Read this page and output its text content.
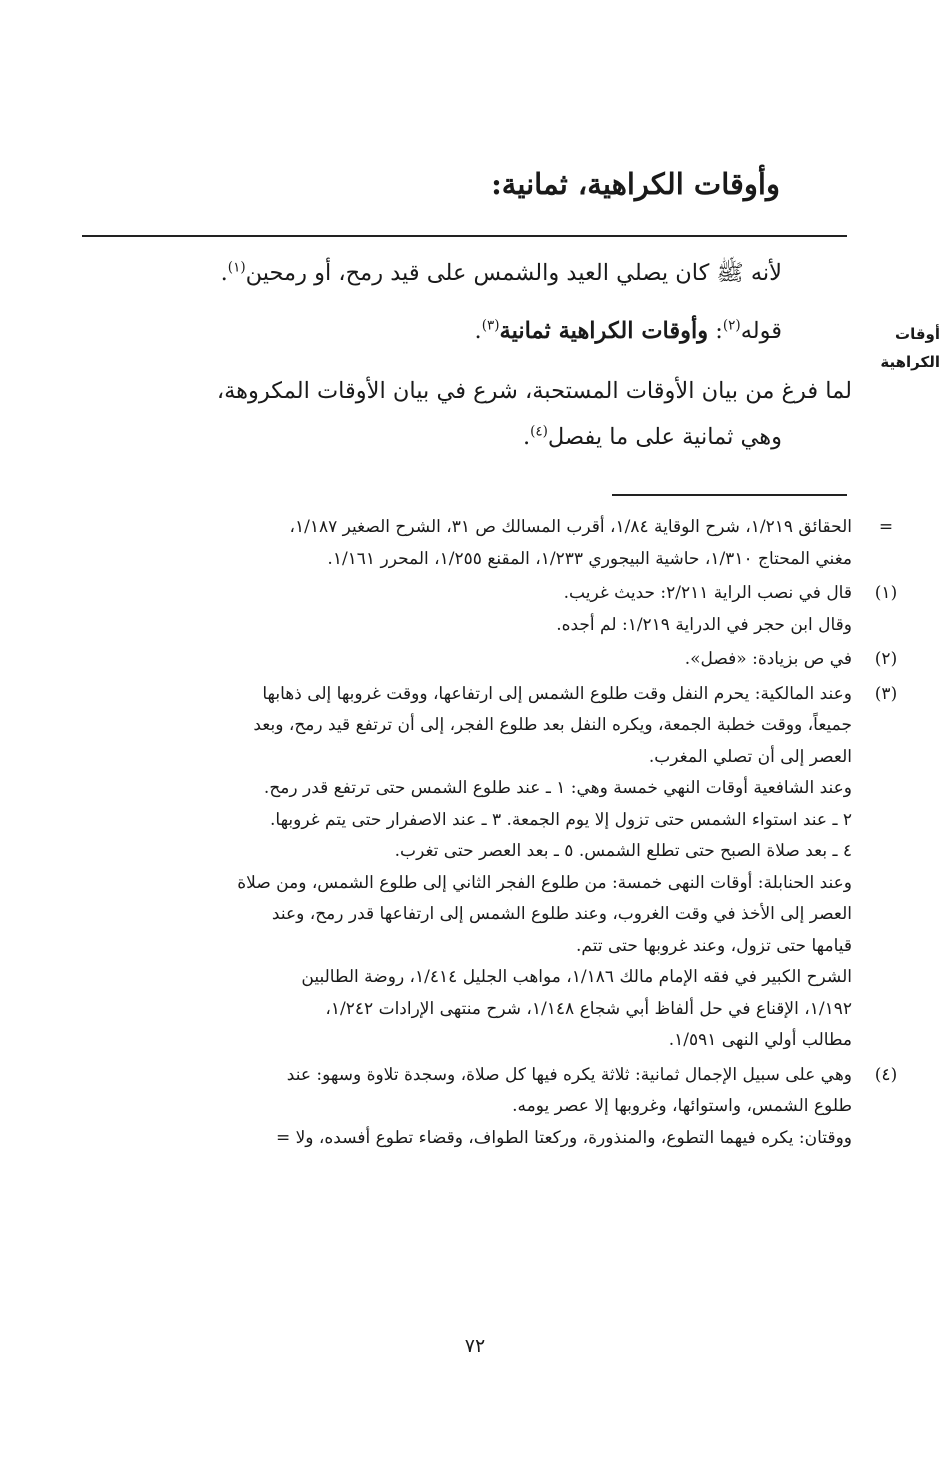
وأوقات الكراهية، ثمانية:
أوقات
الكراهية

لأنه ﷺ كان يصلي العيد والشمس على قيد رمح، أو رمحين$^{(١)}$.

قوله$^{(٢)}$: وأوقات الكراهية ثمانية$^{(٣)}$.

لما فرغ من بيان الأوقات المستحبة، شرع في بيان الأوقات المكروهة،

وهي ثمانية على ما يفصل$^{(٤)}$.

=
الحقائق ١/٢١٩، شرح الوقاية ١/٨٤، أقرب المسالك ص ٣١، الشرح الصغير ١/١٨٧،
مغني المحتاج ١/٣١٠، حاشية البيجوري ١/٢٣٣، المقنع ١/٢٥٥، المحرر ١/١٦١.
(١)
قال في نصب الراية ٢/٢١١: حديث غريب.
وقال ابن حجر في الدراية ١/٢١٩: لم أجده.
(٢)
في ص بزيادة: «فصل».
(٣)
وعند المالكية: يحرم النفل وقت طلوع الشمس إلى ارتفاعها، ووقت غروبها إلى ذهابها
جميعاً، ووقت خطبة الجمعة، ويكره النفل بعد طلوع الفجر، إلى أن ترتفع قيد رمح، وبعد
العصر إلى أن تصلي المغرب.
وعند الشافعية أوقات النهي خمسة وهي: ١ ـ عند طلوع الشمس حتى ترتفع قدر رمح.
٢ ـ عند استواء الشمس حتى تزول إلا يوم الجمعة. ٣ ـ عند الاصفرار حتى يتم غروبها.
٤ ـ بعد صلاة الصبح حتى تطلع الشمس. ٥ ـ بعد العصر حتى تغرب.
وعند الحنابلة: أوقات النهى خمسة: من طلوع الفجر الثاني إلى طلوع الشمس، ومن صلاة
العصر إلى الأخذ في وقت الغروب، وعند طلوع الشمس إلى ارتفاعها قدر رمح، وعند
قيامها حتى تزول، وعند غروبها حتى تتم.
الشرح الكبير في فقه الإمام مالك ١/١٨٦، مواهب الجليل ١/٤١٤، روضة الطالبين
١/١٩٢، الإقناع في حل ألفاظ أبي شجاع ١/١٤٨، شرح منتهى الإرادات ١/٢٤٢،
مطالب أولي النهى ١/٥٩١.
(٤)
وهي على سبيل الإجمال ثمانية: ثلاثة يكره فيها كل صلاة، وسجدة تلاوة وسهو: عند
طلوع الشمس، واستوائها، وغروبها إلا عصر يومه.
ووقتان: يكره فيهما التطوع، والمنذورة، وركعتا الطواف، وقضاء تطوع أفسده، ولا =
٧٢
